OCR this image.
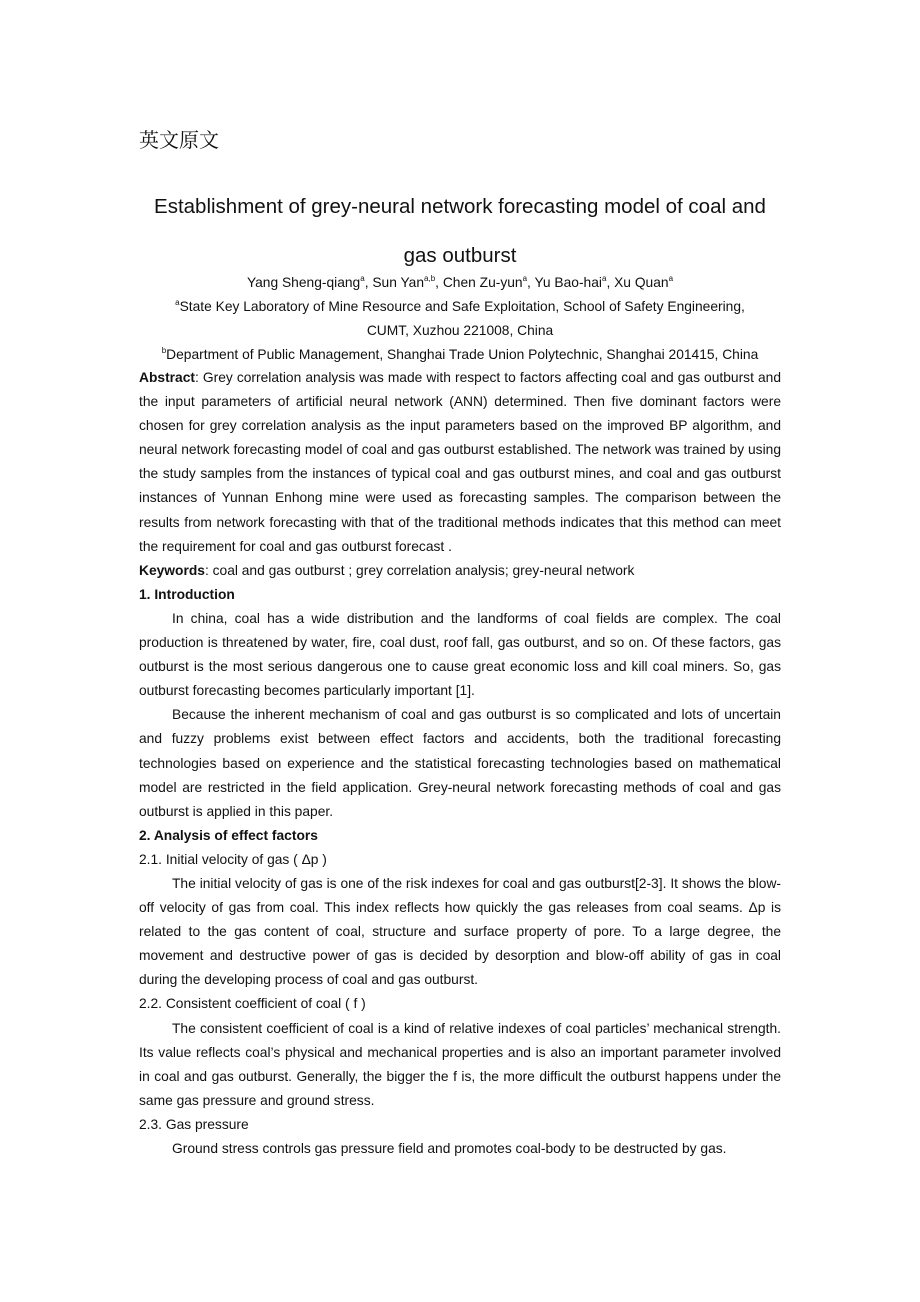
英文原文
Establishment of grey-neural network forecasting model of coal and
gas outburst
Yang Sheng-qiang$^a$, Sun Yan$^{a,b}$, Chen Zu-yun$^a$, Yu Bao-hai$^a$, Xu Quan$^a$
$^a$State Key Laboratory of Mine Resource and Safe Exploitation, School of Safety Engineering,
CUMT, Xuzhou 221008, China
$^b$Department of Public Management, Shanghai Trade Union Polytechnic, Shanghai 201415, China

Abstract: Grey correlation analysis was made with respect to factors affecting coal and gas outburst and the input parameters of artificial neural network (ANN) determined. Then five dominant factors were chosen for grey correlation analysis as the input parameters based on the improved BP algorithm, and neural network forecasting model of coal and gas outburst established. The network was trained by using the study samples from the instances of typical coal and gas outburst mines, and coal and gas outburst instances of Yunnan Enhong mine were used as forecasting samples. The comparison between the results from network forecasting with that of the traditional methods indicates that this method can meet the requirement for coal and gas outburst forecast .

Keywords: coal and gas outburst ; grey correlation analysis; grey-neural network

1. Introduction

In china, coal has a wide distribution and the landforms of coal fields are complex. The coal production is threatened by water, fire, coal dust, roof fall, gas outburst, and so on. Of these factors, gas outburst is the most serious dangerous one to cause great economic loss and kill coal miners. So, gas outburst forecasting becomes particularly important [1].

Because the inherent mechanism of coal and gas outburst is so complicated and lots of uncertain and fuzzy problems exist between effect factors and accidents, both the traditional forecasting technologies based on experience and the statistical forecasting technologies based on mathematical model are restricted in the field application. Grey-neural network forecasting methods of coal and gas outburst is applied in this paper.

2. Analysis of effect factors

2.1. Initial velocity of gas ( Δp )

The initial velocity of gas is one of the risk indexes for coal and gas outburst[2-3]. It shows the blow-off velocity of gas from coal. This index reflects how quickly the gas releases from coal seams. Δp is related to the gas content of coal, structure and surface property of pore. To a large degree, the movement and destructive power of gas is decided by desorption and blow-off ability of gas in coal during the developing process of coal and gas outburst.

2.2. Consistent coefficient of coal ( f )

The consistent coefficient of coal is a kind of relative indexes of coal particles’ mechanical strength. Its value reflects coal’s physical and mechanical properties and is also an important parameter involved in coal and gas outburst. Generally, the bigger the f is, the more difficult the outburst happens under the same gas pressure and ground stress.

2.3. Gas pressure

Ground stress controls gas pressure field and promotes coal-body to be destructed by gas.
